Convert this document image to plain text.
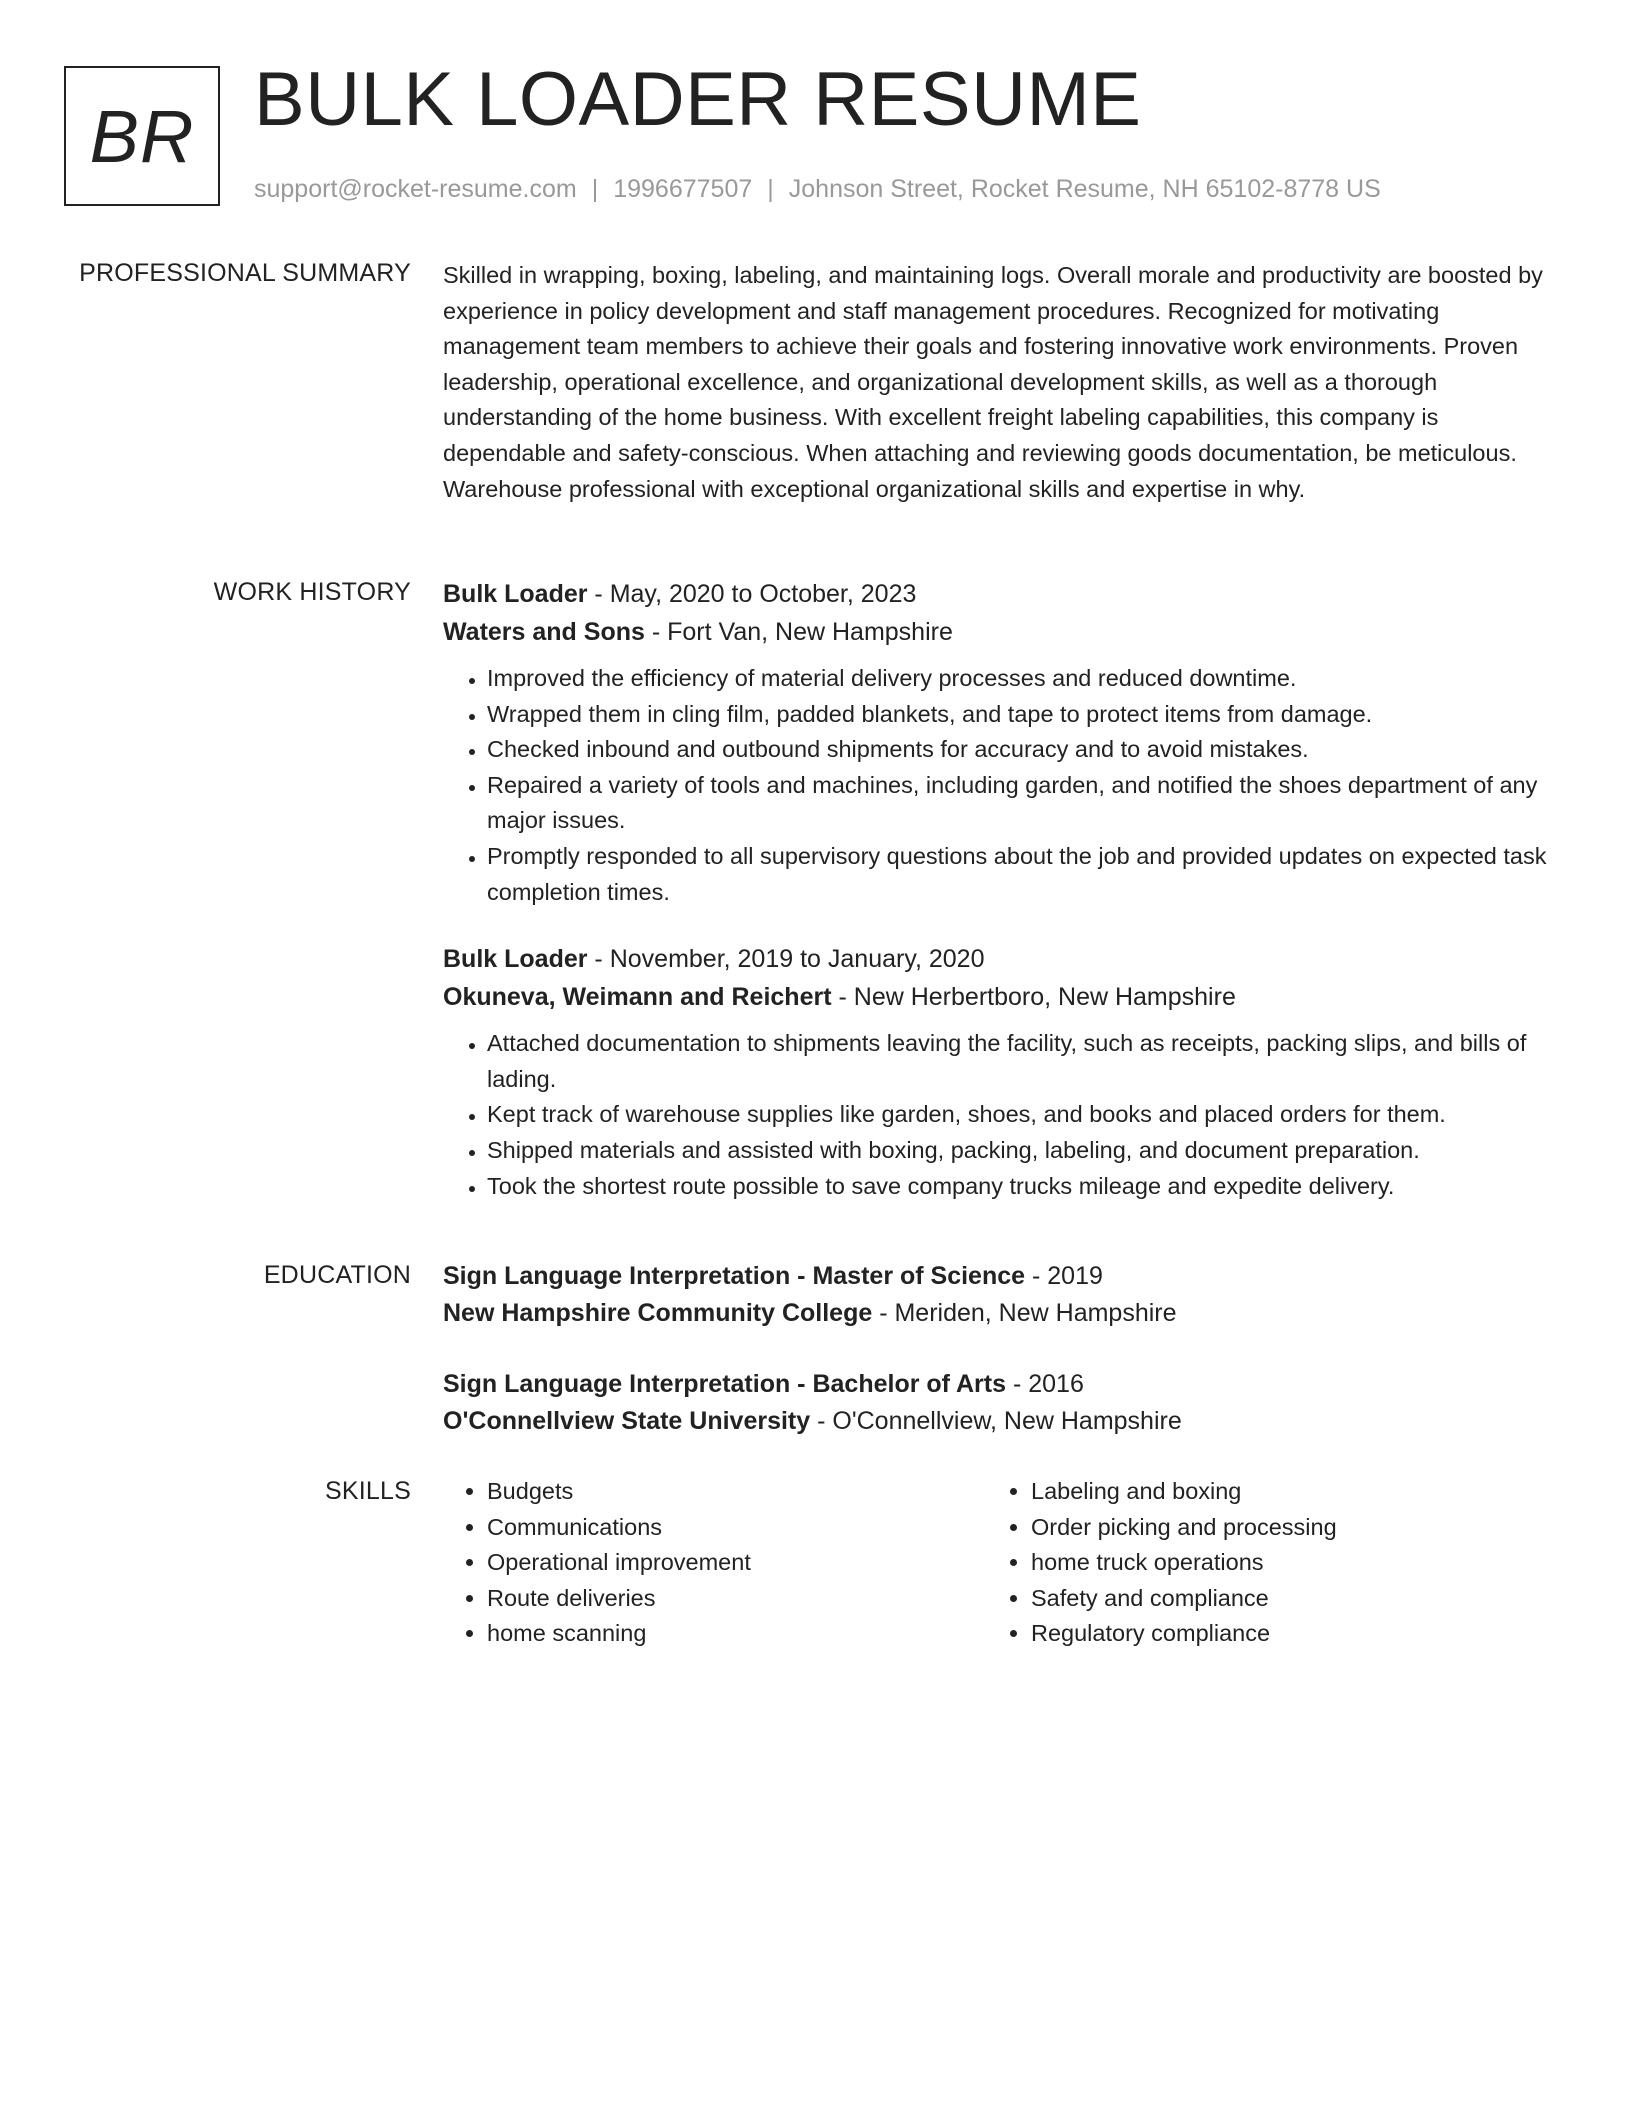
BR BULK LOADER RESUME
support@rocket-resume.com | 1996677507 | Johnson Street, Rocket Resume, NH 65102-8778 US
PROFESSIONAL SUMMARY Skilled in wrapping, boxing, labeling, and maintaining logs. Overall morale and productivity are boosted by experience in policy development and staff management procedures. Recognized for motivating management team members to achieve their goals and fostering innovative work environments. Proven leadership, operational excellence, and organizational development skills, as well as a thorough understanding of the home business. With excellent freight labeling capabilities, this company is dependable and safety-conscious. When attaching and reviewing goods documentation, be meticulous. Warehouse professional with exceptional organizational skills and expertise in why.

WORK HISTORY Bulk Loader - May, 2020 to October, 2023

Waters and Sons - Fort Van, New Hampshire

• Improved the efficiency of material delivery processes and reduced downtime.
• Wrapped them in cling film, padded blankets, and tape to protect items from damage.
• Checked inbound and outbound shipments for accuracy and to avoid mistakes.
• Repaired a variety of tools and machines, including garden, and notified the shoes department of any major issues.
• Promptly responded to all supervisory questions about the job and provided updates on expected task completion times.

Bulk Loader - November, 2019 to January, 2020

Okuneva, Weimann and Reichert - New Herbertboro, New Hampshire

• Attached documentation to shipments leaving the facility, such as receipts, packing slips, and bills of lading.
• Kept track of warehouse supplies like garden, shoes, and books and placed orders for them.
• Shipped materials and assisted with boxing, packing, labeling, and document preparation.
• Took the shortest route possible to save company trucks mileage and expedite delivery.
EDUCATION Sign Language Interpretation - Master of Science - 2019

New Hampshire Community College - Meriden, New Hampshire

Sign Language Interpretation - Bachelor of Arts - 2016

O'Connellview State University - O'Connellview, New Hampshire

SKILLS
•	Budgets
• Communications
• Operational improvement
• Route deliveries
• home scanning
• Labeling and boxing
• Order picking and processing
• home truck operations
• Safety and compliance
• Regulatory compliance
